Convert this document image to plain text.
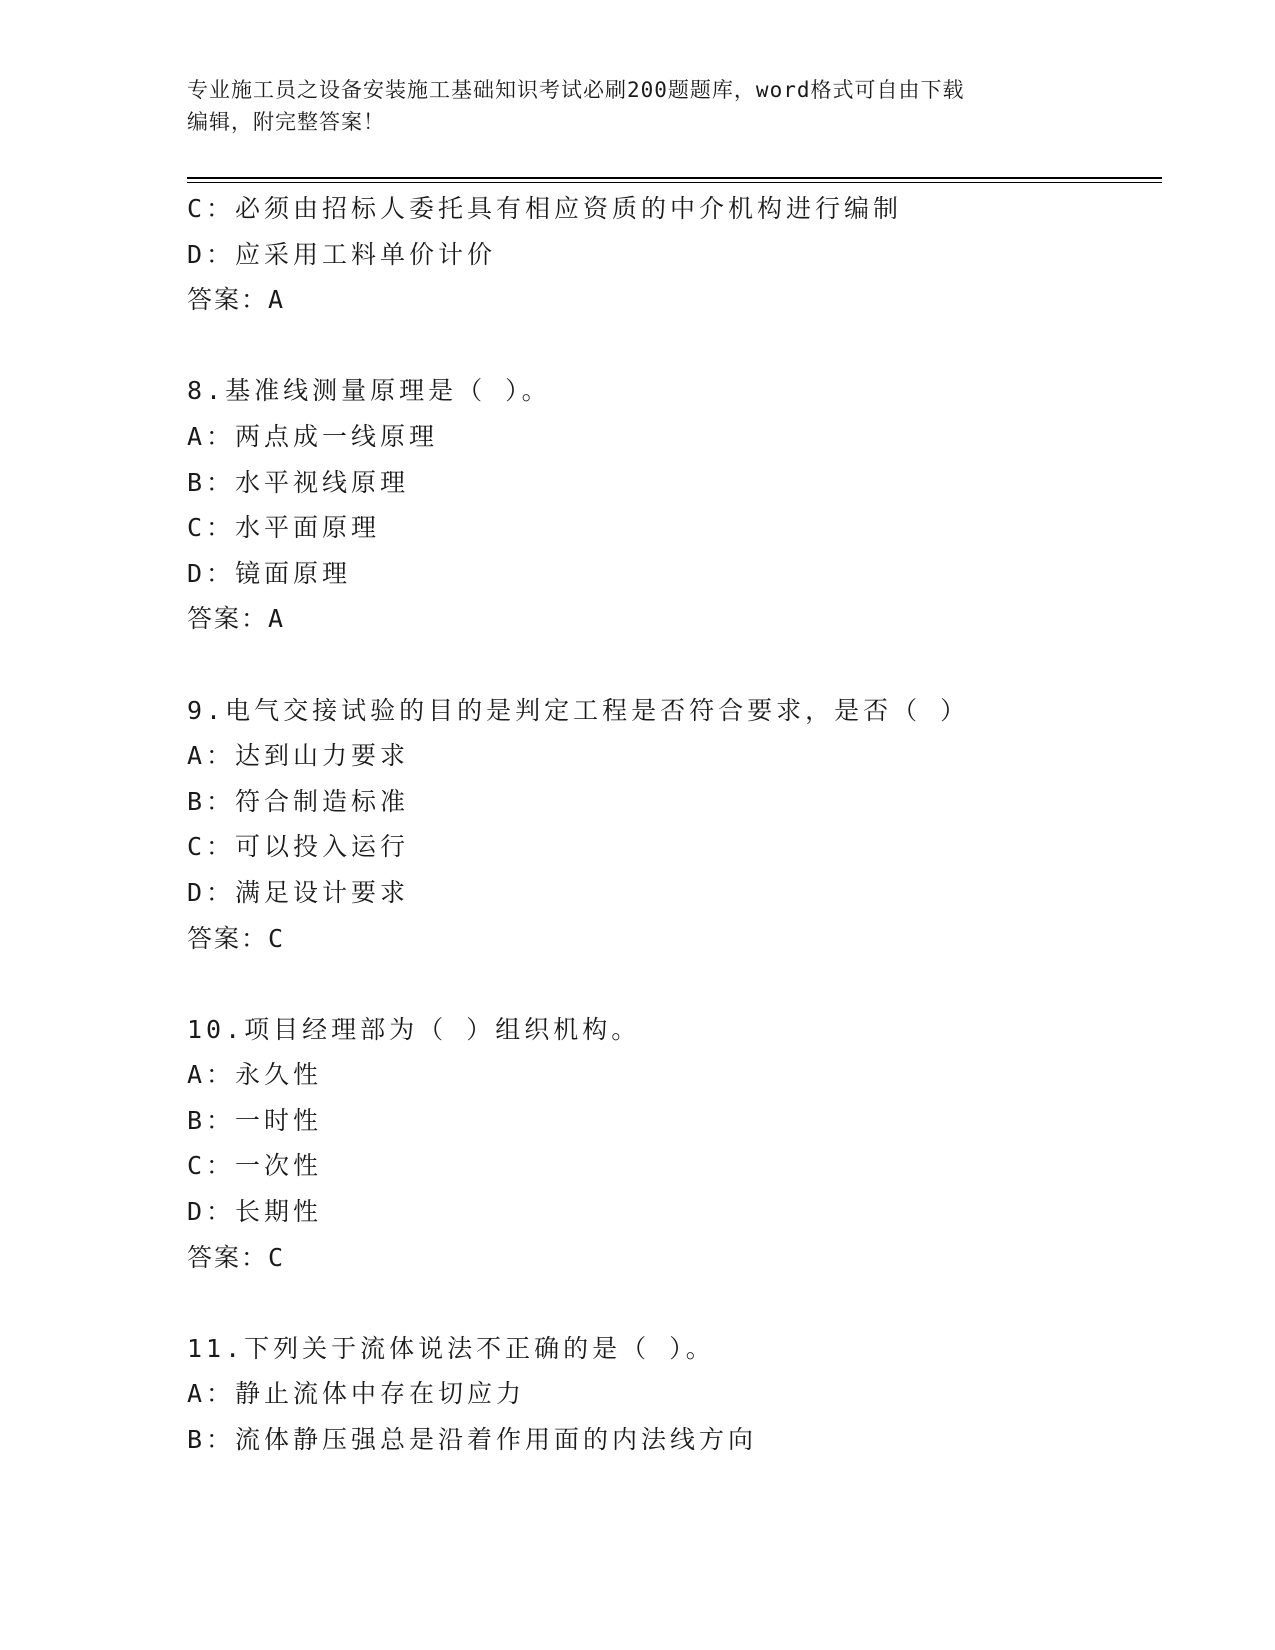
专业施工员之设备安装施工基础知识考试必刷200题题库，word格式可自由下载
编辑，附完整答案！
C：必须由招标人委托具有相应资质的中介机构进行编制
D：应采用工料单价计价
答案：A
8.基准线测量原理是（ ）。
A：两点成一线原理
B：水平视线原理
C：水平面原理
D：镜面原理
答案：A
9.电气交接试验的目的是判定工程是否符合要求，是否（ ）
A：达到山力要求
B：符合制造标准
C：可以投入运行
D：满足设计要求
答案：C
10.项目经理部为（ ）组织机构。
A：永久性
B：一时性
C：一次性
D：长期性
答案：C
11.下列关于流体说法不正确的是（ ）。
A：静止流体中存在切应力
B：流体静压强总是沿着作用面的内法线方向
